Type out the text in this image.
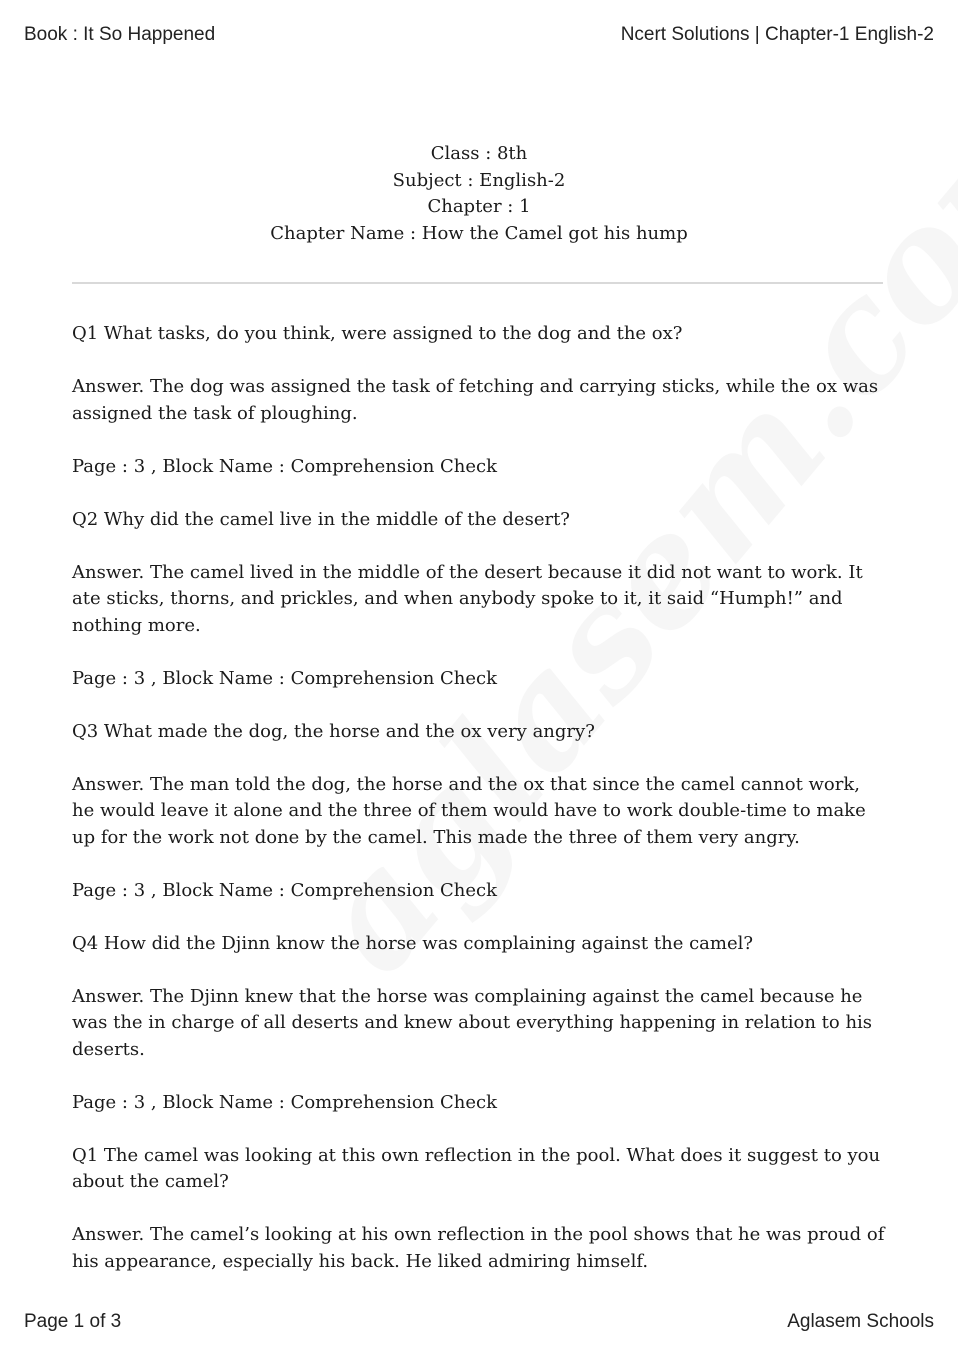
Book : It So Happened	Ncert Solutions | Chapter-1 English-2
Class : 8th
Subject : English-2
Chapter : 1
Chapter Name : How the Camel got his hump

Q1 What tasks, do you think, were assigned to the dog and the ox?

Answer. The dog was assigned the task of fetching and carrying sticks, while the ox was assigned the task of ploughing.

Page : 3 , Block Name : Comprehension Check

Q2 Why did the camel live in the middle of the desert?

Answer. The camel lived in the middle of the desert because it did not want to work. It ate sticks, thorns, and prickles, and when anybody spoke to it, it said “Humph!” and nothing more.

Page : 3 , Block Name : Comprehension Check

Q3 What made the dog, the horse and the ox very angry?

Answer. The man told the dog, the horse and the ox that since the camel cannot work, he would leave it alone and the three of them would have to work double-time to make up for the work not done by the camel. This made the three of them very angry.

Page : 3 , Block Name : Comprehension Check

Q4 How did the Djinn know the horse was complaining against the camel?

Answer. The Djinn knew that the horse was complaining against the camel because he was the in charge of all deserts and knew about everything happening in relation to his deserts.

Page : 3 , Block Name : Comprehension Check

Q1 The camel was looking at this own reflection in the pool. What does it suggest to you about the camel?

Answer. The camel’s looking at his own reflection in the pool shows that he was proud of his appearance, especially his back. He liked admiring himself.

Page 1 of 3	Aglasem Schools
